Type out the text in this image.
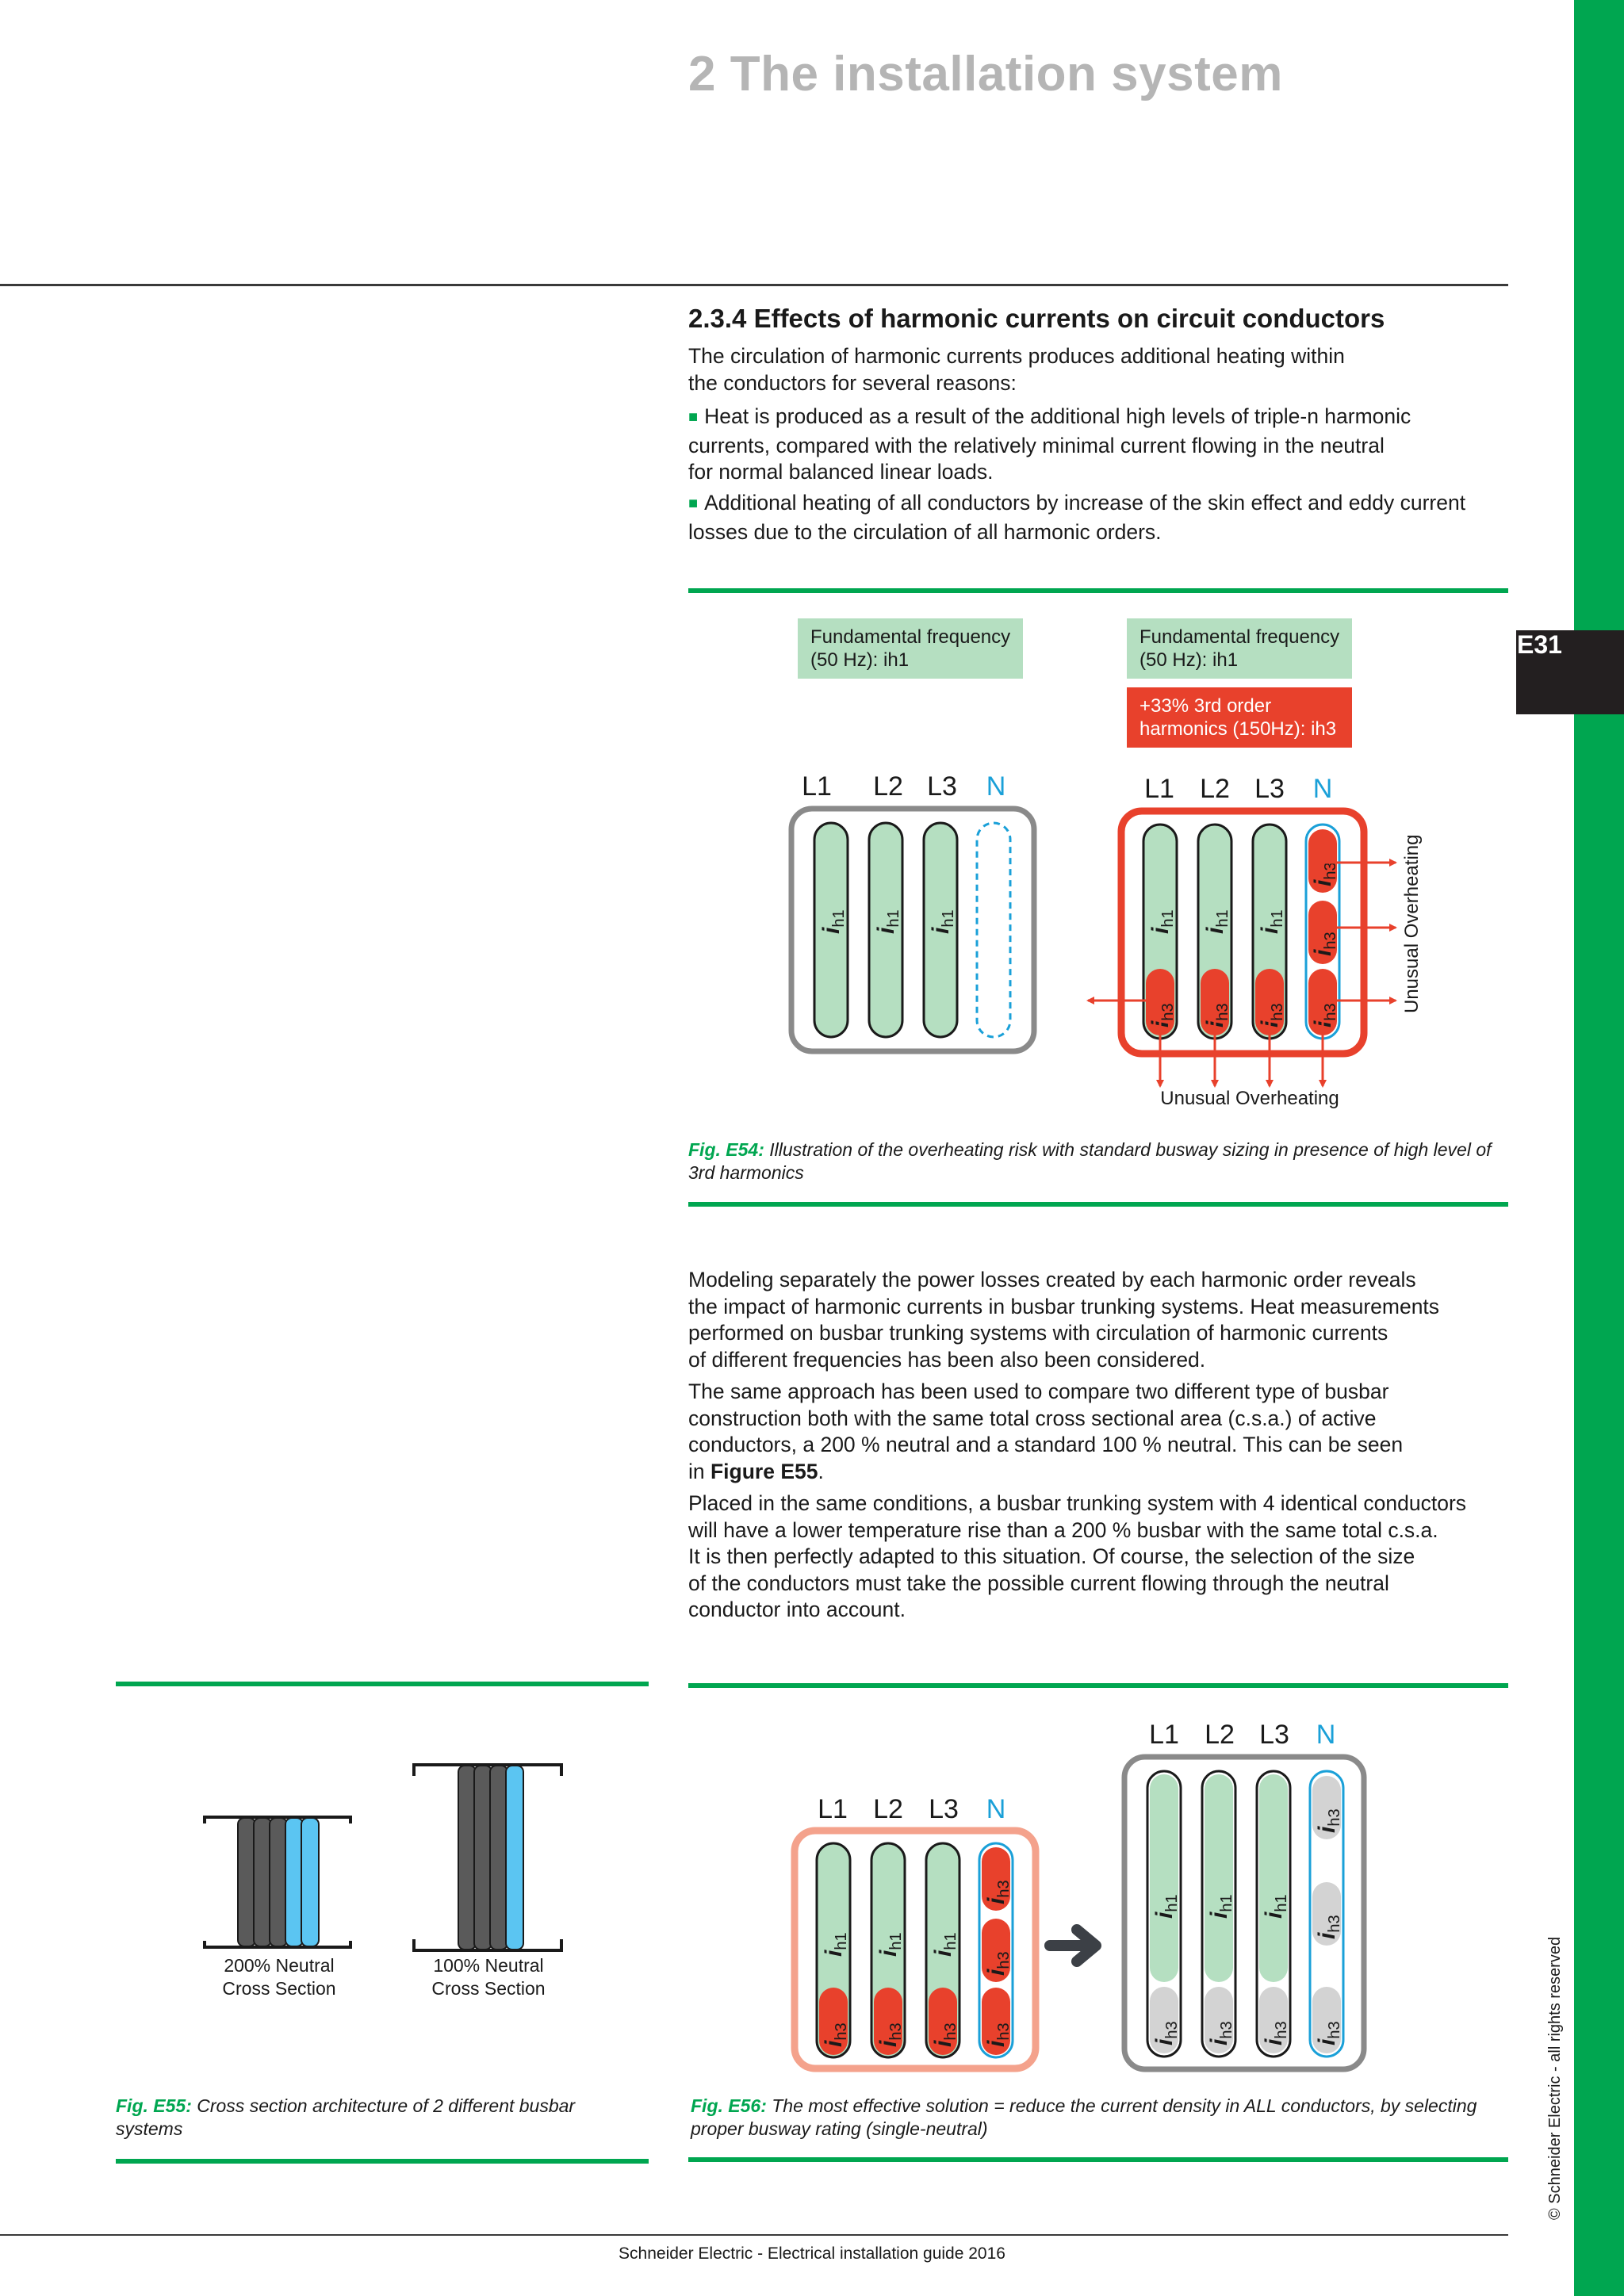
E31
2 The installation system
2.3.4 Effects of harmonic currents on circuit conductors
The circulation of harmonic currents produces additional heating within
the conductors for several reasons:
■ Heat is produced as a result of the additional high levels of triple-n harmonic
currents, compared with the relatively minimal current flowing in the neutral
for normal balanced linear loads.
■ Additional heating of all conductors by increase of the skin effect and eddy current
losses due to the circulation of all harmonic orders.
Fundamental frequency
(50 Hz): ih1
Fundamental frequency
(50 Hz): ih1
+33% 3rd order
harmonics (150Hz): ih3
L1 L2 L3 N
$i_{h1}$
$i_{h1}$
$i_{h1}$
L1 L2 L3 N
$i_{h1}$
$i_{h1}$
$i_{h1}$
$i_{h3}$
$i_{h3}$
$i_{h3}$
$i_{h3}$
$i_{h3}$
$i_{h3}$	Unusual Overheating
Unusual Overheating
Fig. E54: Illustration of the overheating risk with standard busway sizing in presence of high level of 3rd harmonics
Modeling separately the power losses created by each harmonic order reveals
the impact of harmonic currents in busbar trunking systems. Heat measurements
performed on busbar trunking systems with circulation of harmonic currents
of different frequencies has been also been considered.
The same approach has been used to compare two different type of busbar
construction both with the same total cross sectional area (c.s.a.) of active
conductors, a 200 % neutral and a standard 100 % neutral. This can be seen
in Figure E55.
Placed in the same conditions, a busbar trunking system with 4 identical conductors
will have a lower temperature rise than a 200 % busbar with the same total c.s.a.
It is then perfectly adapted to this situation. Of course, the selection of the size
of the conductors must take the possible current flowing through the neutral
conductor into account.
200% Neutral
Cross Section
100% Neutral
Cross Section
L1 L2 L3 N
$i_{h1}$
$i_{h1}$
$i_{h1}$
$i_{h3}$
$i_{h3}$
$i_{h3}$
$i_{h3}$
$i_{h3}$
$i_{h3}$
L1 L2 L3 N
$i_{h1}$
$i_{h1}$
$i_{h1}$
$i_{h3}$
$i_{h3}$
$i_{h3}$
$i_{h3}$
$i_{h3}$
$i_{h3}$
Fig. E55: Cross section architecture of 2 different busbar systems
Fig. E56: The most effective solution = reduce the current density in ALL conductors, by selecting proper busway rating (single-neutral)
Schneider Electric - Electrical installation guide 2016
© Schneider Electric - all rights reserved
